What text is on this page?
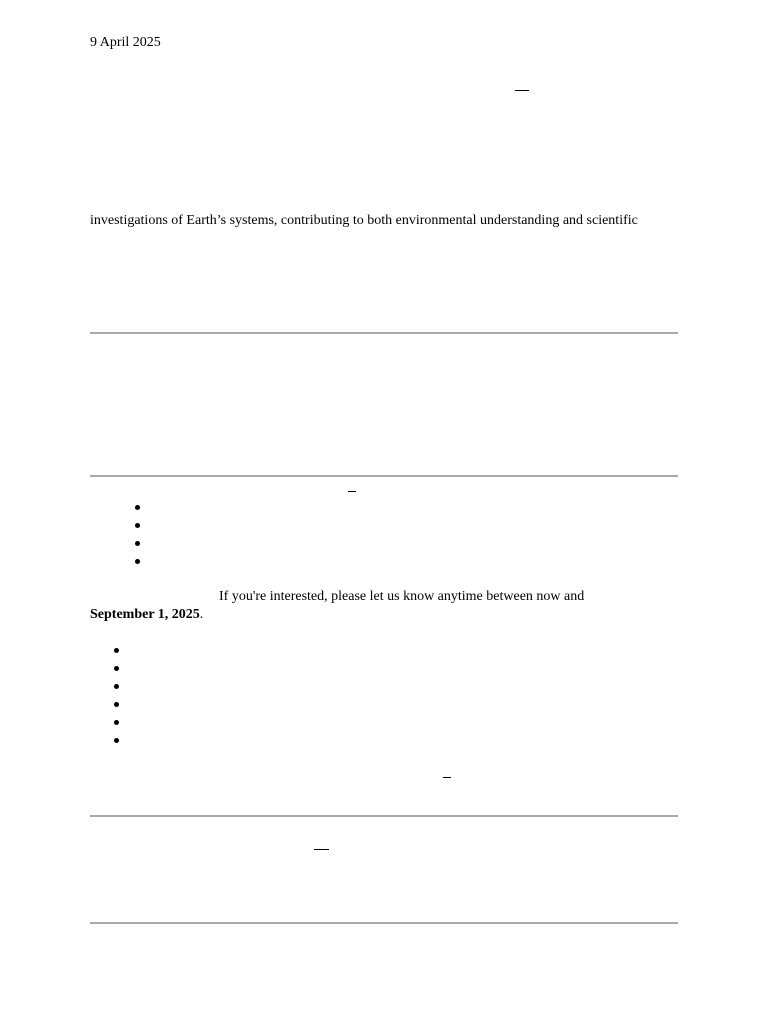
9 April 2025

investigations of Earth’s systems, contributing to both environmental understanding and scientific

If you're interested, please let us know anytime between now and

September 1, 2025.
